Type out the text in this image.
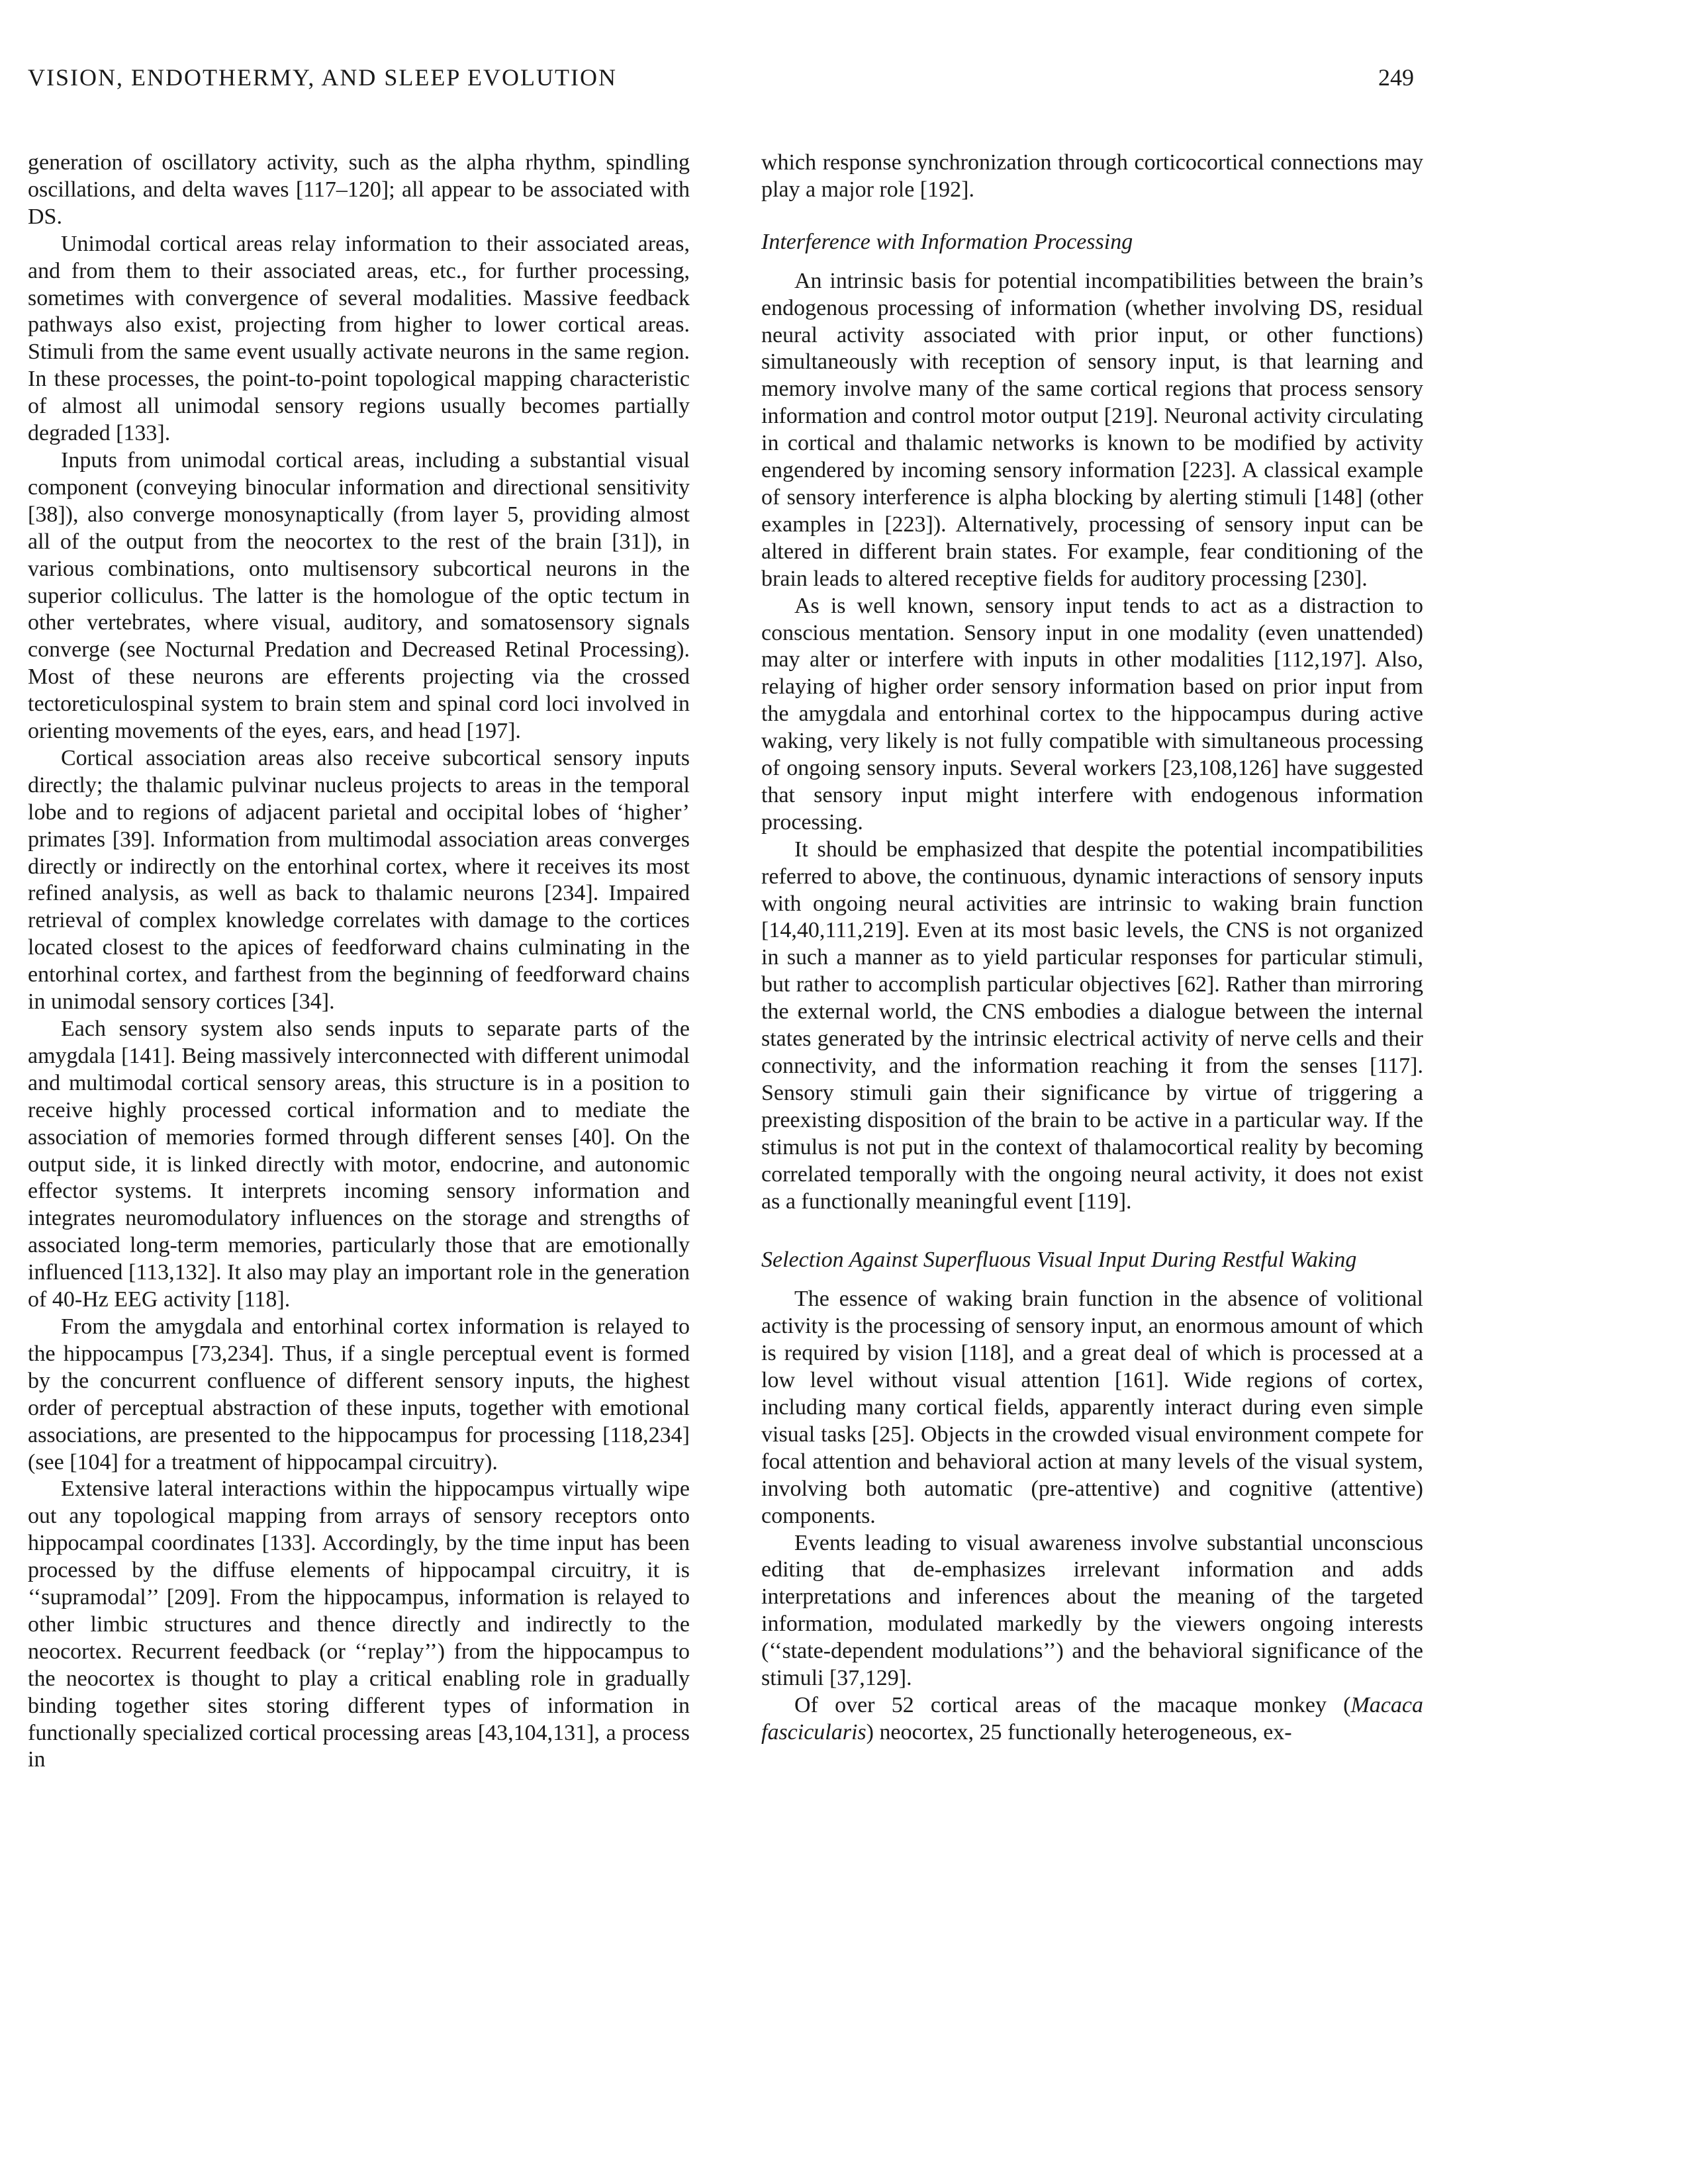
VISION, ENDOTHERMY, AND SLEEP EVOLUTION	249

generation of oscillatory activity, such as the alpha rhythm, spindling oscillations, and delta waves [117–120]; all appear to be associated with DS.

Unimodal cortical areas relay information to their associated areas, and from them to their associated areas, etc., for further processing, sometimes with convergence of several modalities. Massive feedback pathways also exist, projecting from higher to lower cortical areas. Stimuli from the same event usually activate neurons in the same region. In these processes, the point-to-point topological mapping characteristic of almost all unimodal sensory regions usually becomes partially degraded [133].

Inputs from unimodal cortical areas, including a substantial visual component (conveying binocular information and directional sensitivity [38]), also converge monosynaptically (from layer 5, providing almost all of the output from the neocortex to the rest of the brain [31]), in various combinations, onto multisensory subcortical neurons in the superior colliculus. The latter is the homologue of the optic tectum in other vertebrates, where visual, auditory, and somatosensory signals converge (see Nocturnal Predation and Decreased Retinal Processing). Most of these neurons are efferents projecting via the crossed tectoreticulospinal system to brain stem and spinal cord loci involved in orienting movements of the eyes, ears, and head [197].

Cortical association areas also receive subcortical sensory inputs directly; the thalamic pulvinar nucleus projects to areas in the temporal lobe and to regions of adjacent parietal and occipital lobes of ‘higher’ primates [39]. Information from multimodal association areas converges directly or indirectly on the entorhinal cortex, where it receives its most refined analysis, as well as back to thalamic neurons [234]. Impaired retrieval of complex knowledge correlates with damage to the cortices located closest to the apices of feedforward chains culminating in the entorhinal cortex, and farthest from the beginning of feedforward chains in unimodal sensory cortices [34].

Each sensory system also sends inputs to separate parts of the amygdala [141]. Being massively interconnected with different unimodal and multimodal cortical sensory areas, this structure is in a position to receive highly processed cortical information and to mediate the association of memories formed through different senses [40]. On the output side, it is linked directly with motor, endocrine, and autonomic effector systems. It interprets incoming sensory information and integrates neuromodulatory influences on the storage and strengths of associated long-term memories, particularly those that are emotionally influenced [113,132]. It also may play an important role in the generation of 40-Hz EEG activity [118].

From the amygdala and entorhinal cortex information is relayed to the hippocampus [73,234]. Thus, if a single perceptual event is formed by the concurrent confluence of different sensory inputs, the highest order of perceptual abstraction of these inputs, together with emotional associations, are presented to the hippocampus for processing [118,234] (see [104] for a treatment of hippocampal circuitry).

Extensive lateral interactions within the hippocampus virtually wipe out any topological mapping from arrays of sensory receptors onto hippocampal coordinates [133]. Accordingly, by the time input has been processed by the diffuse elements of hippocampal circuitry, it is ‘‘supramodal’’ [209]. From the hippocampus, information is relayed to other limbic structures and thence directly and indirectly to the neocortex. Recurrent feedback (or ‘‘replay’’) from the hippocampus to the neocortex is thought to play a critical enabling role in gradually binding together sites storing different types of information in functionally specialized cortical processing areas [43,104,131], a process in

which response synchronization through corticocortical connections may play a major role [192].

Interference with Information Processing

An intrinsic basis for potential incompatibilities between the brain’s endogenous processing of information (whether involving DS, residual neural activity associated with prior input, or other functions) simultaneously with reception of sensory input, is that learning and memory involve many of the same cortical regions that process sensory information and control motor output [219]. Neuronal activity circulating in cortical and thalamic networks is known to be modified by activity engendered by incoming sensory information [223]. A classical example of sensory interference is alpha blocking by alerting stimuli [148] (other examples in [223]). Alternatively, processing of sensory input can be altered in different brain states. For example, fear conditioning of the brain leads to altered receptive fields for auditory processing [230].

As is well known, sensory input tends to act as a distraction to conscious mentation. Sensory input in one modality (even unattended) may alter or interfere with inputs in other modalities [112,197]. Also, relaying of higher order sensory information based on prior input from the amygdala and entorhinal cortex to the hippocampus during active waking, very likely is not fully compatible with simultaneous processing of ongoing sensory inputs. Several workers [23,108,126] have suggested that sensory input might interfere with endogenous information processing.

It should be emphasized that despite the potential incompatibilities referred to above, the continuous, dynamic interactions of sensory inputs with ongoing neural activities are intrinsic to waking brain function [14,40,111,219]. Even at its most basic levels, the CNS is not organized in such a manner as to yield particular responses for particular stimuli, but rather to accomplish particular objectives [62]. Rather than mirroring the external world, the CNS embodies a dialogue between the internal states generated by the intrinsic electrical activity of nerve cells and their connectivity, and the information reaching it from the senses [117]. Sensory stimuli gain their significance by virtue of triggering a preexisting disposition of the brain to be active in a particular way. If the stimulus is not put in the context of thalamocortical reality by becoming correlated temporally with the ongoing neural activity, it does not exist as a functionally meaningful event [119].

Selection Against Superfluous Visual Input During Restful Waking

The essence of waking brain function in the absence of volitional activity is the processing of sensory input, an enormous amount of which is required by vision [118], and a great deal of which is processed at a low level without visual attention [161]. Wide regions of cortex, including many cortical fields, apparently interact during even simple visual tasks [25]. Objects in the crowded visual environment compete for focal attention and behavioral action at many levels of the visual system, involving both automatic (pre-attentive) and cognitive (attentive) components.

Events leading to visual awareness involve substantial unconscious editing that de-emphasizes irrelevant information and adds interpretations and inferences about the meaning of the targeted information, modulated markedly by the viewers ongoing interests (‘‘state-dependent modulations’’) and the behavioral significance of the stimuli [37,129].

Of over 52 cortical areas of the macaque monkey (Macaca fascicularis) neocortex, 25 functionally heterogeneous, ex-
